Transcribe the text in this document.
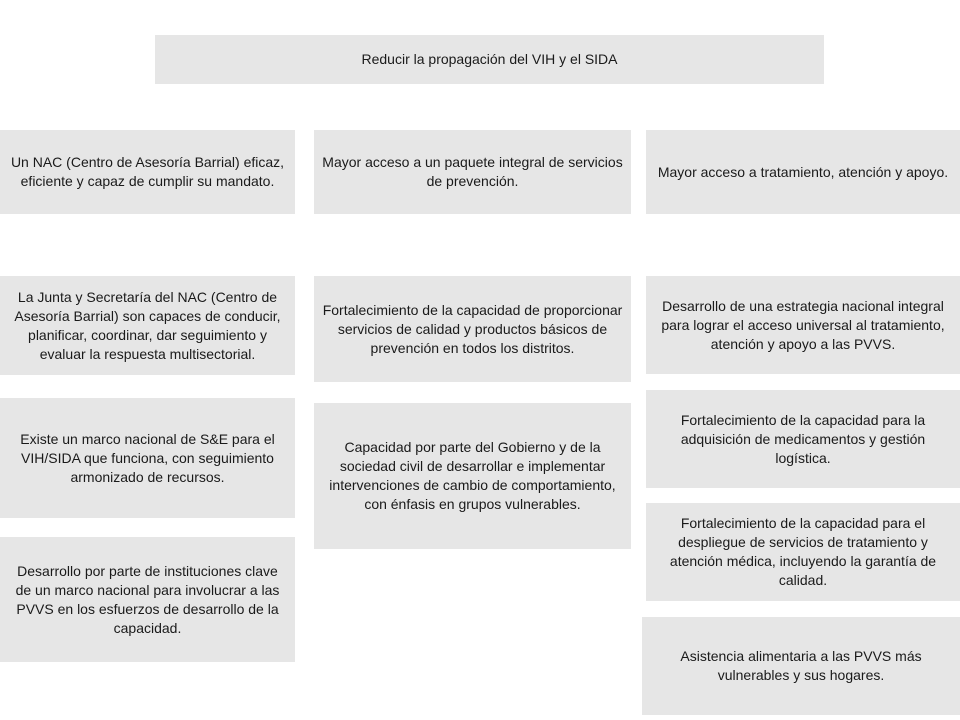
Reducir la propagación del VIH y el SIDA
Un NAC (Centro de Asesoría Barrial) eficaz, eficiente y capaz de cumplir su mandato.
La Junta y Secretaría del NAC (Centro de Asesoría Barrial) son capaces de conducir, planificar, coordinar, dar seguimiento y evaluar la respuesta multisectorial.
Existe un marco nacional de S&E para el VIH/SIDA que funciona, con seguimiento armonizado de recursos.
Desarrollo por parte de instituciones clave de un marco nacional para involucrar a las PVVS en los esfuerzos de desarrollo de la capacidad.
Mayor acceso a un paquete integral de servicios de prevención.
Fortalecimiento de la capacidad de proporcionar servicios de calidad y productos básicos de prevención en todos los distritos.
Capacidad por parte del Gobierno y de la sociedad civil de desarrollar e implementar intervenciones de cambio de comportamiento, con énfasis en grupos vulnerables.
Mayor acceso a tratamiento, atención y apoyo.
Desarrollo de una estrategia nacional integral para lograr el acceso universal al tratamiento, atención y apoyo a las PVVS.
Fortalecimiento de la capacidad para la adquisición de medicamentos y gestión logística.
Fortalecimiento de la capacidad para el despliegue de servicios de tratamiento y atención médica, incluyendo la garantía de calidad.
Asistencia alimentaria a las PVVS más vulnerables y sus hogares.
